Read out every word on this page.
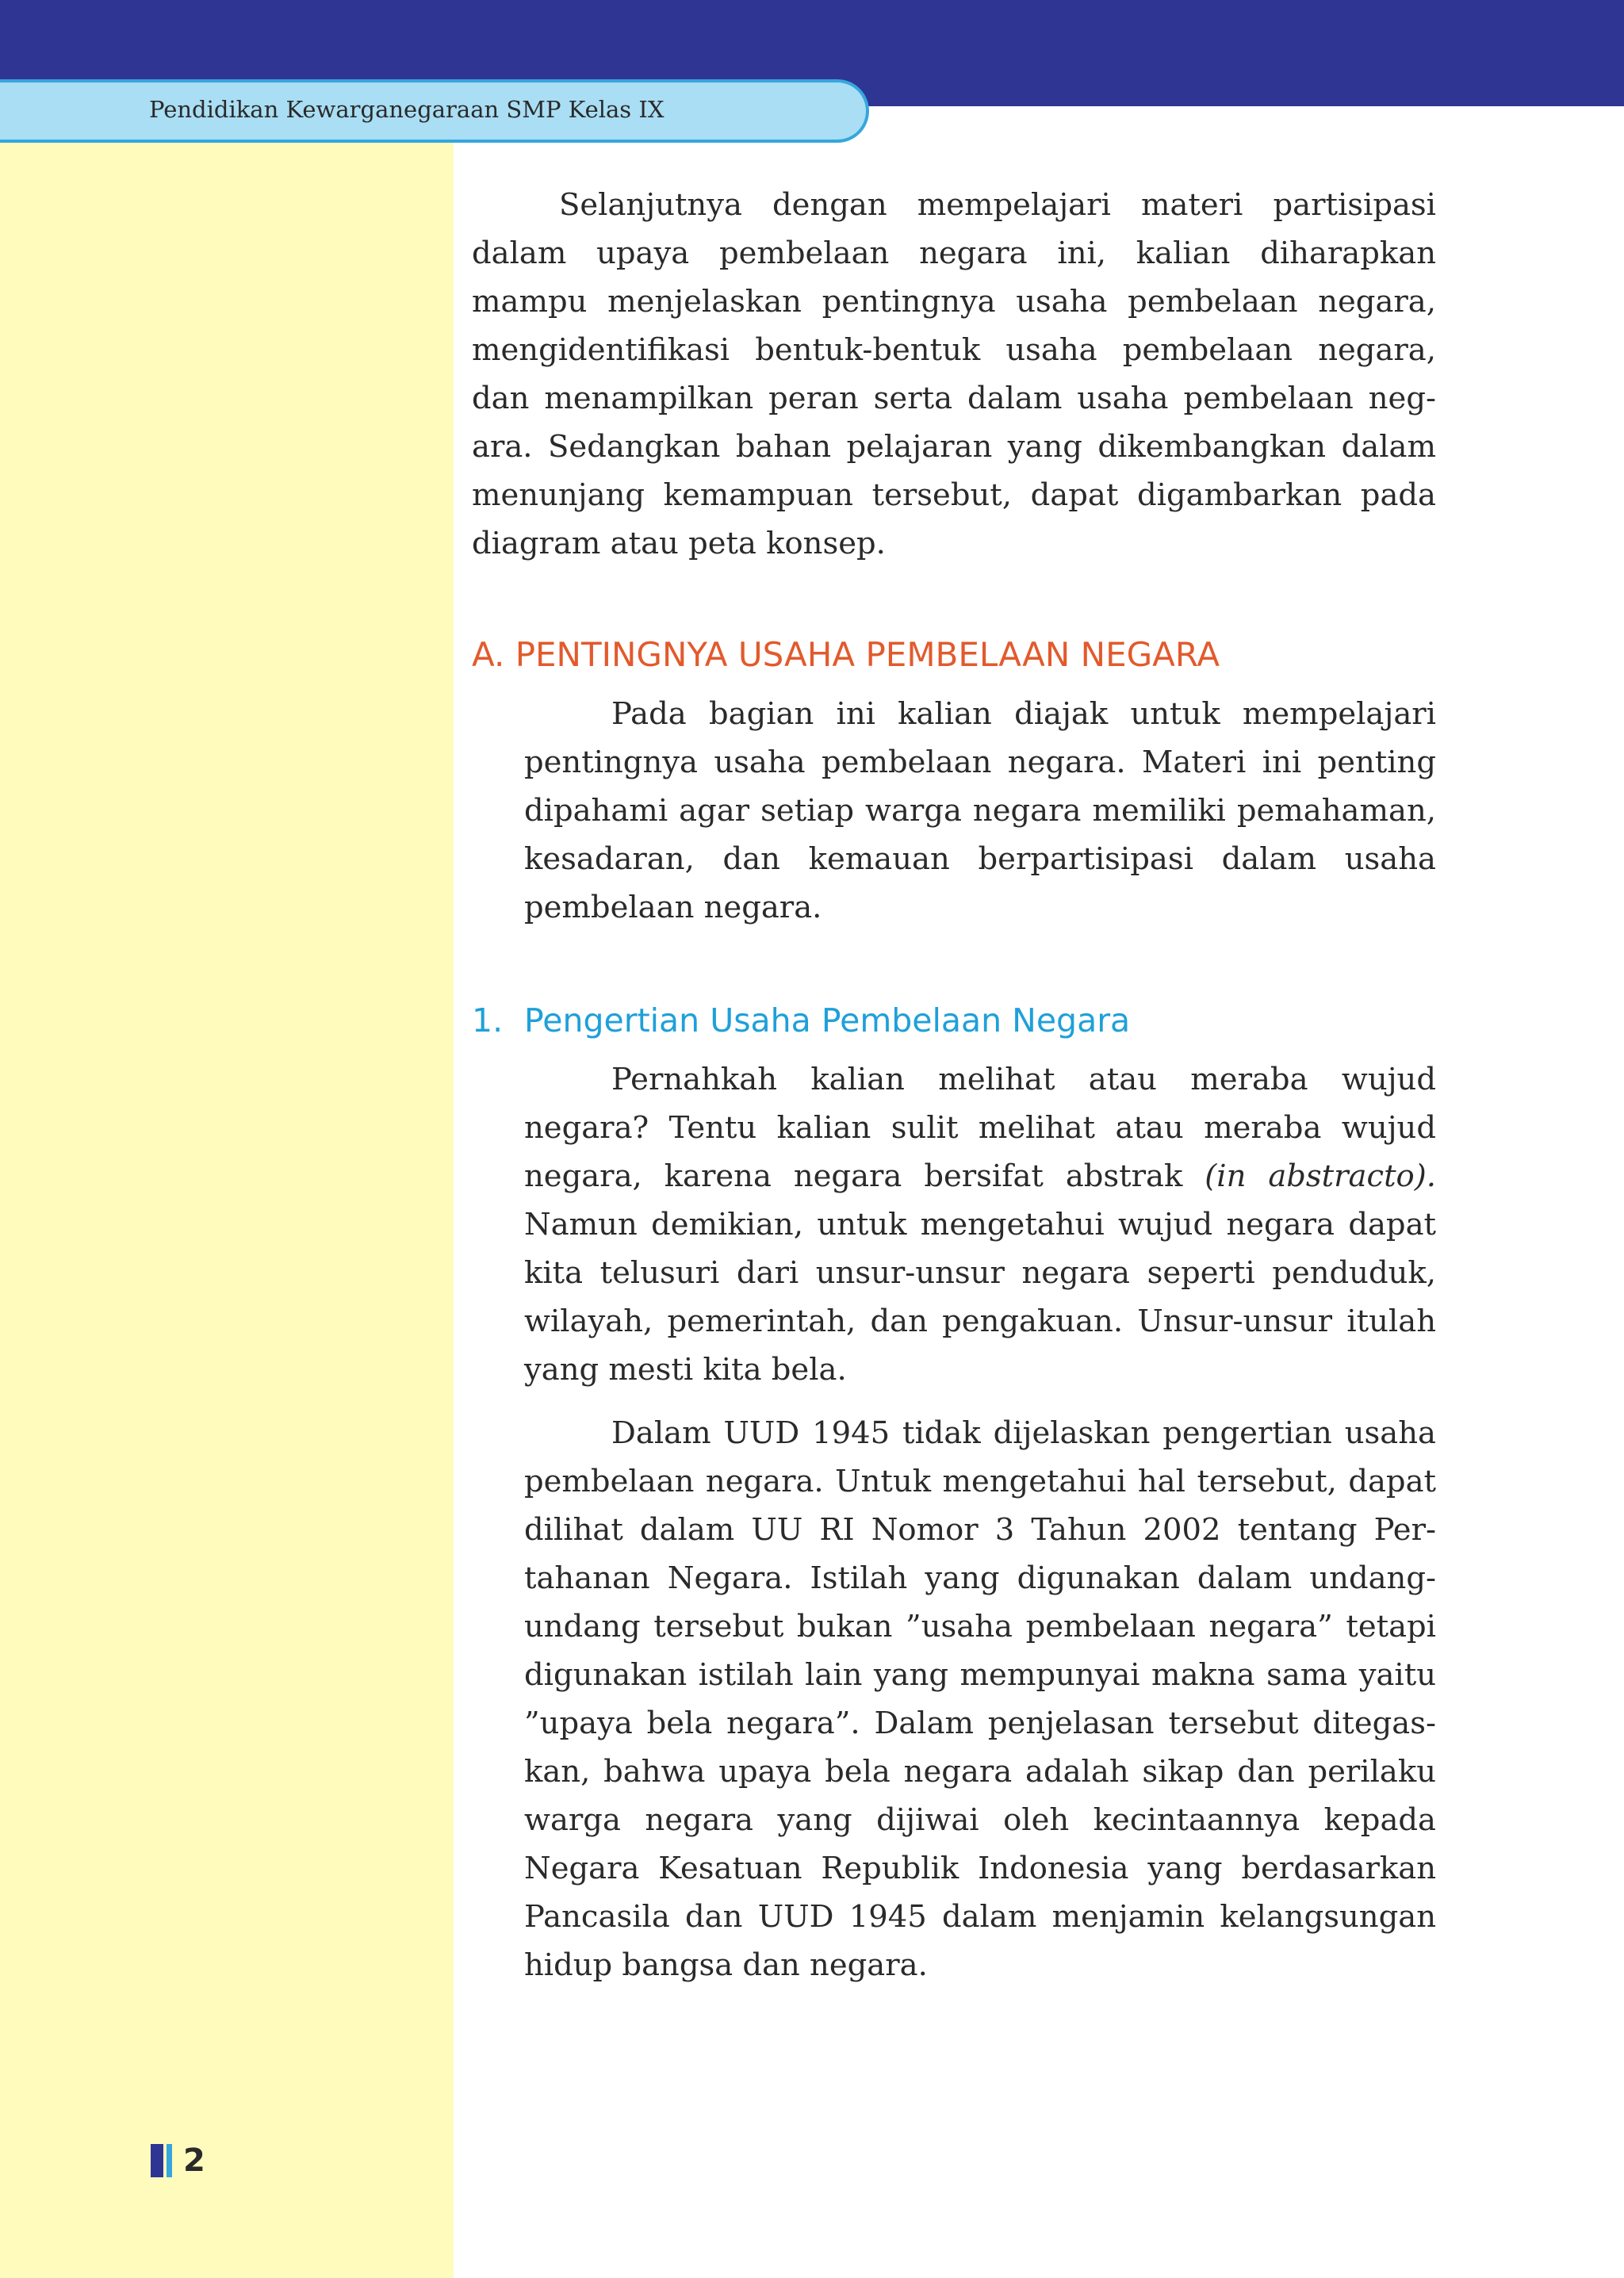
Pendidikan Kewarganegaraan SMP Kelas IX

Selanjutnya dengan mempelajari materi partisipasi dalam upaya pembelaan negara ini, kalian diharapkan mampu menjelaskan pentingnya usaha pembelaan negara, mengidentifikasi bentuk-bentuk usaha pembelaan negara, dan menampilkan peran serta dalam usaha pembelaan negara. Sedangkan bahan pelajaran yang dikembangkan dalam menunjang kemampuan tersebut, dapat digambarkan pada diagram atau peta konsep.

A. PENTINGNYA USAHA PEMBELAAN NEGARA

Pada bagian ini kalian diajak untuk mempelajari pentingnya usaha pembelaan negara. Materi ini penting dipahami agar setiap warga negara memiliki pemahaman, kesadaran, dan kemauan berpartisipasi dalam usaha pembelaan negara.

1. Pengertian Usaha Pembelaan Negara

Pernahkah kalian melihat atau meraba wujud negara? Tentu kalian sulit melihat atau meraba wujud negara, karena negara bersifat abstrak (in abstracto). Namun demikian, untuk mengetahui wujud negara dapat kita telusuri dari unsur-unsur negara seperti penduduk, wilayah, pemerintah, dan pengakuan. Unsur-unsur itulah yang mesti kita bela.

Dalam UUD 1945 tidak dijelaskan pengertian usaha pembelaan negara. Untuk mengetahui hal tersebut, dapat dilihat dalam UU RI Nomor 3 Tahun 2002 tentang Pertahanan Negara. Istilah yang digunakan dalam undang-undang tersebut bukan ”usaha pembelaan negara” tetapi digunakan istilah lain yang mempunyai makna sama yaitu ”upaya bela negara”. Dalam penjelasan tersebut ditegaskan, bahwa upaya bela negara adalah sikap dan perilaku warga negara yang dijiwai oleh kecintaannya kepada Negara Kesatuan Republik Indonesia yang berdasarkan Pancasila dan UUD 1945 dalam menjamin kelangsungan hidup bangsa dan negara.

2
